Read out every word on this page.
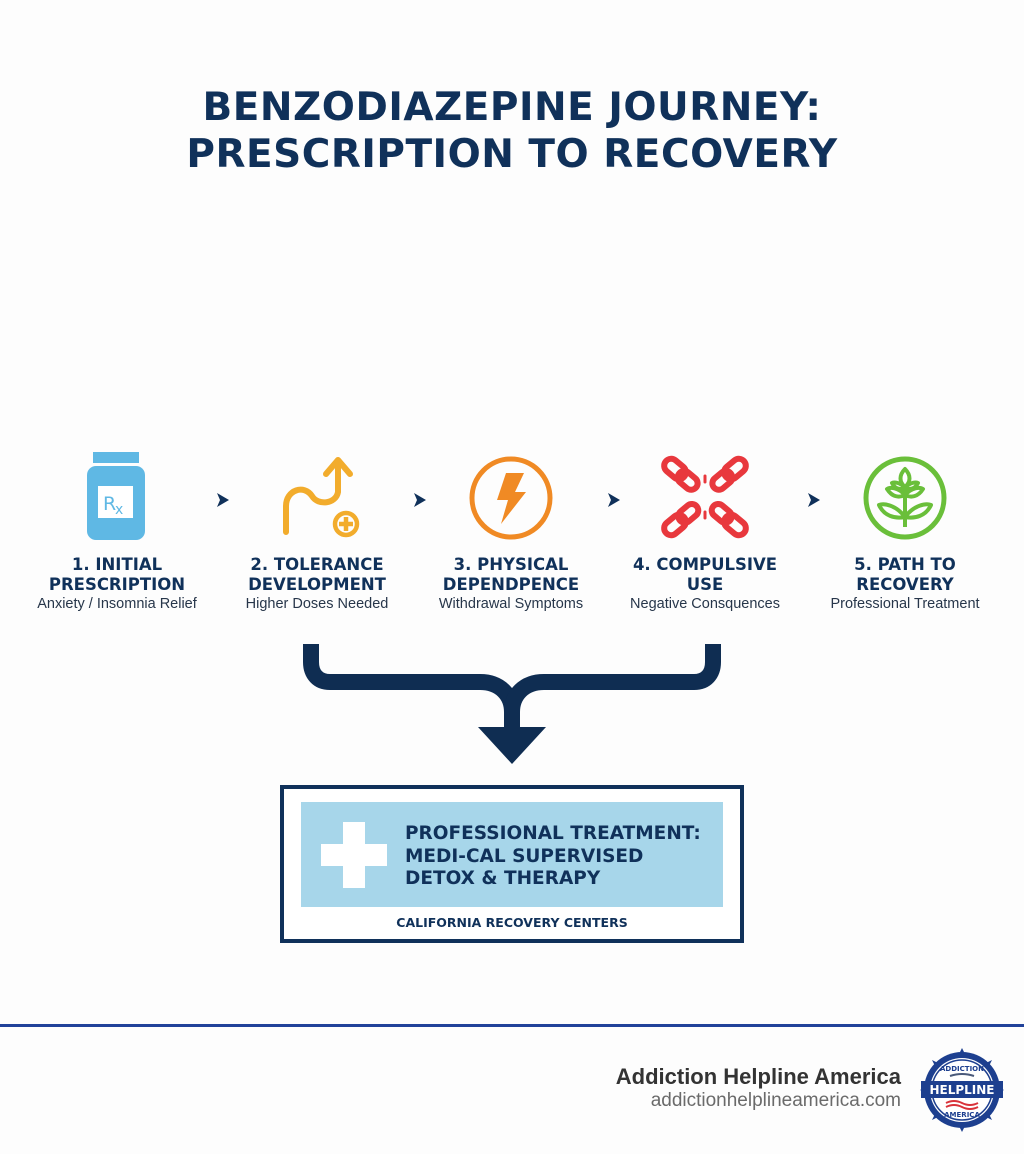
BENZODIAZEPINE JOURNEY:
PRESCRIPTION TO RECOVERY
R
x
1. INITIAL
PRESCRIPTION
Anxiety / Insomnia Relief
2. TOLERANCE
DEVELOPMENT
Higher Doses Needed
3. PHYSICAL
DEPENDPENCE
Withdrawal Symptoms
4. COMPULSIVE
USE
Negative Consquences
5. PATH TO
RECOVERY
Professional Treatment
PROFESSIONAL TREATMENT:
MEDI-CAL SUPERVISED
DETOX & THERAPY
CALIFORNIA RECOVERY CENTERS
Addiction Helpline America
addictionhelplineamerica.com HELPLINE
ADDICTION
AMERICA
